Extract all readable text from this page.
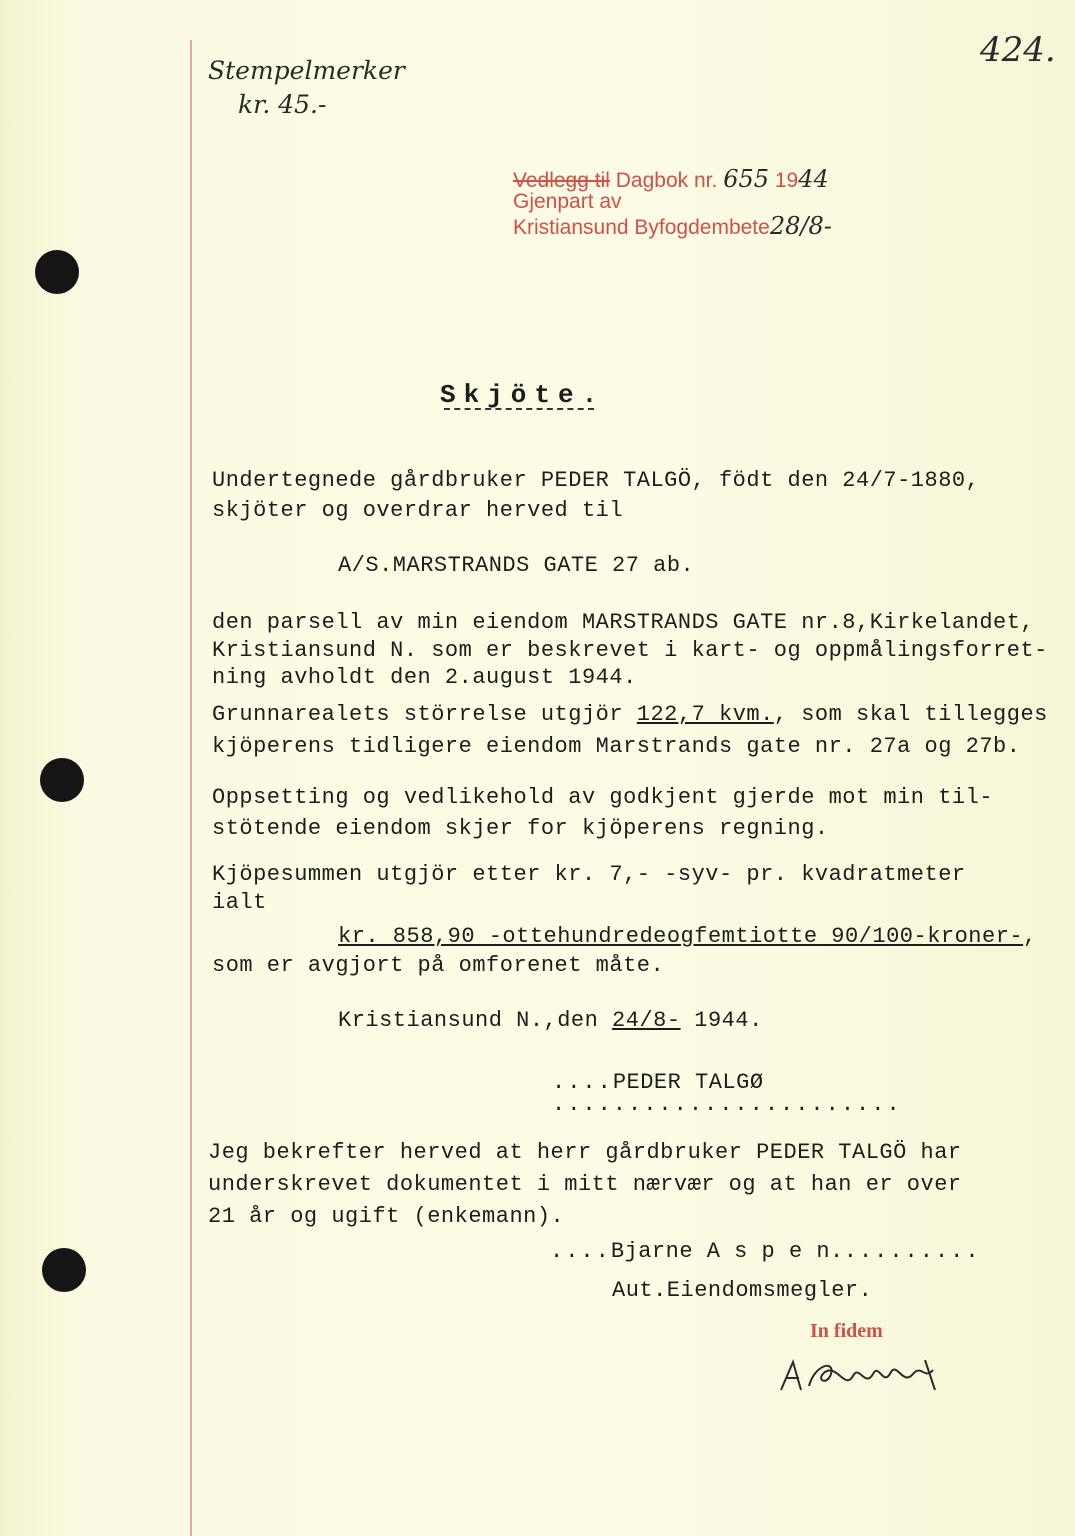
Stempelmerker
kr. 45.-
424.
Vedlegg til Dagbok nr. 655 1944
Gjenpart av
Kristiansund Byfogdembete28/8-
Skjöte.
Undertegnede gårdbruker PEDER TALGÖ, födt den 24/7-1880,
skjöter og overdrar herved til
A/S.MARSTRANDS GATE 27 ab.
den parsell av min eiendom MARSTRANDS GATE nr.8,Kirkelandet,
Kristiansund N. som er beskrevet i kart- og oppmålingsforret-
ning avholdt den 2.august 1944.
Grunnarealets störrelse utgjör 122,7 kvm., som skal tillegges
kjöperens tidligere eiendom Marstrands gate nr. 27a og 27b.
Oppsetting og vedlikehold av godkjent gjerde mot min til-
stötende eiendom skjer for kjöperens regning.
Kjöpesummen utgjör etter kr. 7,- -syv- pr. kvadratmeter
ialt
kr. 858,90 -ottehundredeogfemtiotte 90/100-kroner-,
som er avgjort på omforenet måte.
Kristiansund N.,den 24/8- 1944.
....PEDER TALGØ
.......................
Jeg bekrefter herved at herr gårdbruker PEDER TALGÖ har
underskrevet dokumentet i mitt nærvær og at han er over
21 år og ugift (enkemann).
....Bjarne A s p e n..........
Aut.Eiendomsmegler.
In fidem
